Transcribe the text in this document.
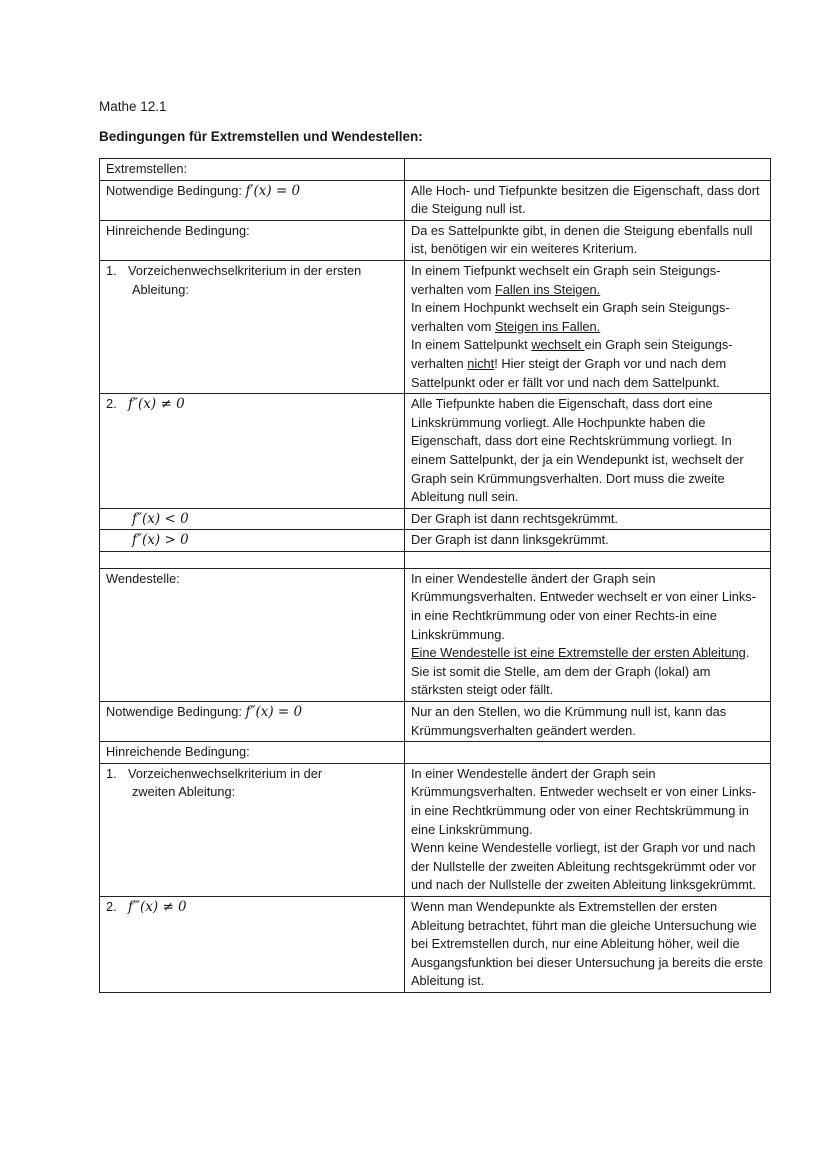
Mathe 12.1
Bedingungen für Extremstellen und Wendestellen:
Extremstellen:	
Notwendige Bedingung: f′(x) = 0	Alle Hoch- und Tiefpunkte besitzen die Eigenschaft, dass dort die Steigung null ist.
Hinreichende Bedingung:	Da es Sattelpunkte gibt, in denen die Steigung ebenfalls null ist, benötigen wir ein weiteres Kriterium.
1. Vorzeichenwechselkriterium in der ersten
Ableitung:	In einem Tiefpunkt wechselt ein Graph sein Steigungs-verhalten vom Fallen ins Steigen.
In einem Hochpunkt wechselt ein Graph sein Steigungs-verhalten vom Steigen ins Fallen.
In einem Sattelpunkt wechselt ein Graph sein Steigungs-verhalten nicht! Hier steigt der Graph vor und nach dem Sattelpunkt oder er fällt vor und nach dem Sattelpunkt.
2. f″(x) ≠ 0	Alle Tiefpunkte haben die Eigenschaft, dass dort eine Linkskrümmung vorliegt. Alle Hochpunkte haben die Eigenschaft, dass dort eine Rechtskrümmung vorliegt. In einem Sattelpunkt, der ja ein Wendepunkt ist, wechselt der Graph sein Krümmungsverhalten. Dort muss die zweite Ableitung null sein.

f″(x) < 0	Der Graph ist dann rechtsgekrümmt.

f″(x) > 0	Der Graph ist dann linksgekrümmt.

Wendestelle:	In einer Wendestelle ändert der Graph sein Krümmungsverhalten. Entweder wechselt er von einer Links- in eine Rechtkrümmung oder von einer Rechts-in eine Linkskrümmung.
Eine Wendestelle ist eine Extremstelle der ersten Ableitung. Sie ist somit die Stelle, am dem der Graph (lokal) am stärksten steigt oder fällt.
Notwendige Bedingung: f″(x) = 0	Nur an den Stellen, wo die Krümmung null ist, kann das Krümmungsverhalten geändert werden.
Hinreichende Bedingung:	
1. Vorzeichenwechselkriterium in der
zweiten Ableitung:	In einer Wendestelle ändert der Graph sein Krümmungsverhalten. Entweder wechselt er von einer Links- in eine Rechtkrümmung oder von einer Rechtskrümmung in eine Linkskrümmung.
Wenn keine Wendestelle vorliegt, ist der Graph vor und nach der Nullstelle der zweiten Ableitung rechtsgekrümmt oder vor und nach der Nullstelle der zweiten Ableitung linksgekrümmt.
2. f‴(x) ≠ 0	Wenn man Wendepunkte als Extremstellen der ersten Ableitung betrachtet, führt man die gleiche Untersuchung wie bei Extremstellen durch, nur eine Ableitung höher, weil die Ausgangsfunktion bei dieser Untersuchung ja bereits die erste Ableitung ist.
